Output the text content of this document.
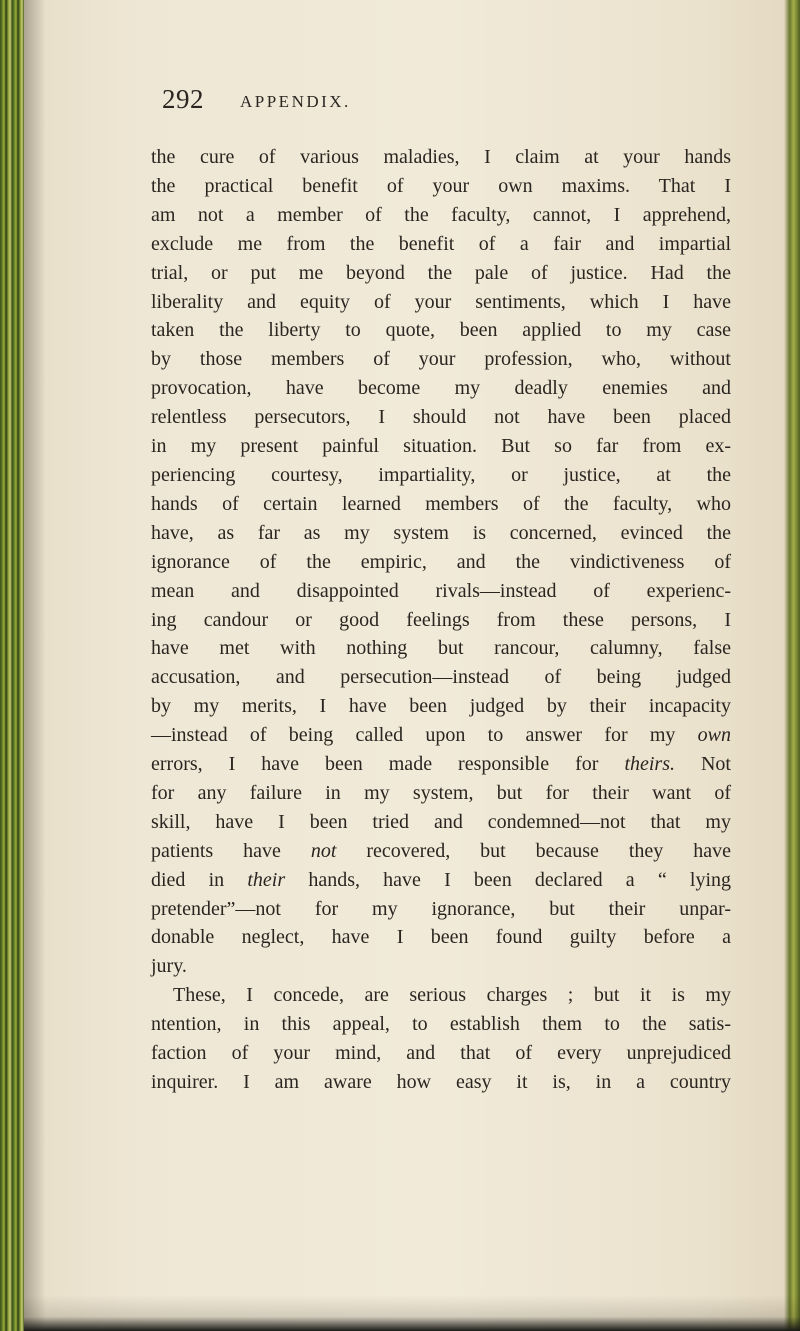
292 APPENDIX.
the cure of various maladies, I claim at your hands
the practical benefit of your own maxims. That I
am not a member of the faculty, cannot, I apprehend,
exclude me from the benefit of a fair and impartial
trial, or put me beyond the pale of justice. Had the
liberality and equity of your sentiments, which I have
taken the liberty to quote, been applied to my case
by those members of your profession, who, without
provocation, have become my deadly enemies and
relentless persecutors, I should not have been placed
in my present painful situation. But so far from ex-
periencing courtesy, impartiality, or justice, at the
hands of certain learned members of the faculty, who
have, as far as my system is concerned, evinced the
ignorance of the empiric, and the vindictiveness of
mean and disappointed rivals—instead of experienc-
ing candour or good feelings from these persons, I
have met with nothing but rancour, calumny, false
accusation, and persecution—instead of being judged
by my merits, I have been judged by their incapacity
—instead of being called upon to answer for my own
errors, I have been made responsible for theirs. Not
for any failure in my system, but for their want of
skill, have I been tried and condemned—not that my
patients have not recovered, but because they have
died in their hands, have I been declared a “ lying
pretender”—not for my ignorance, but their unpar-
donable neglect, have I been found guilty before a
jury.
These, I concede, are serious charges ; but it is my
ntention, in this appeal, to establish them to the satis-
faction of your mind, and that of every unprejudiced
inquirer. I am aware how easy it is, in a country
